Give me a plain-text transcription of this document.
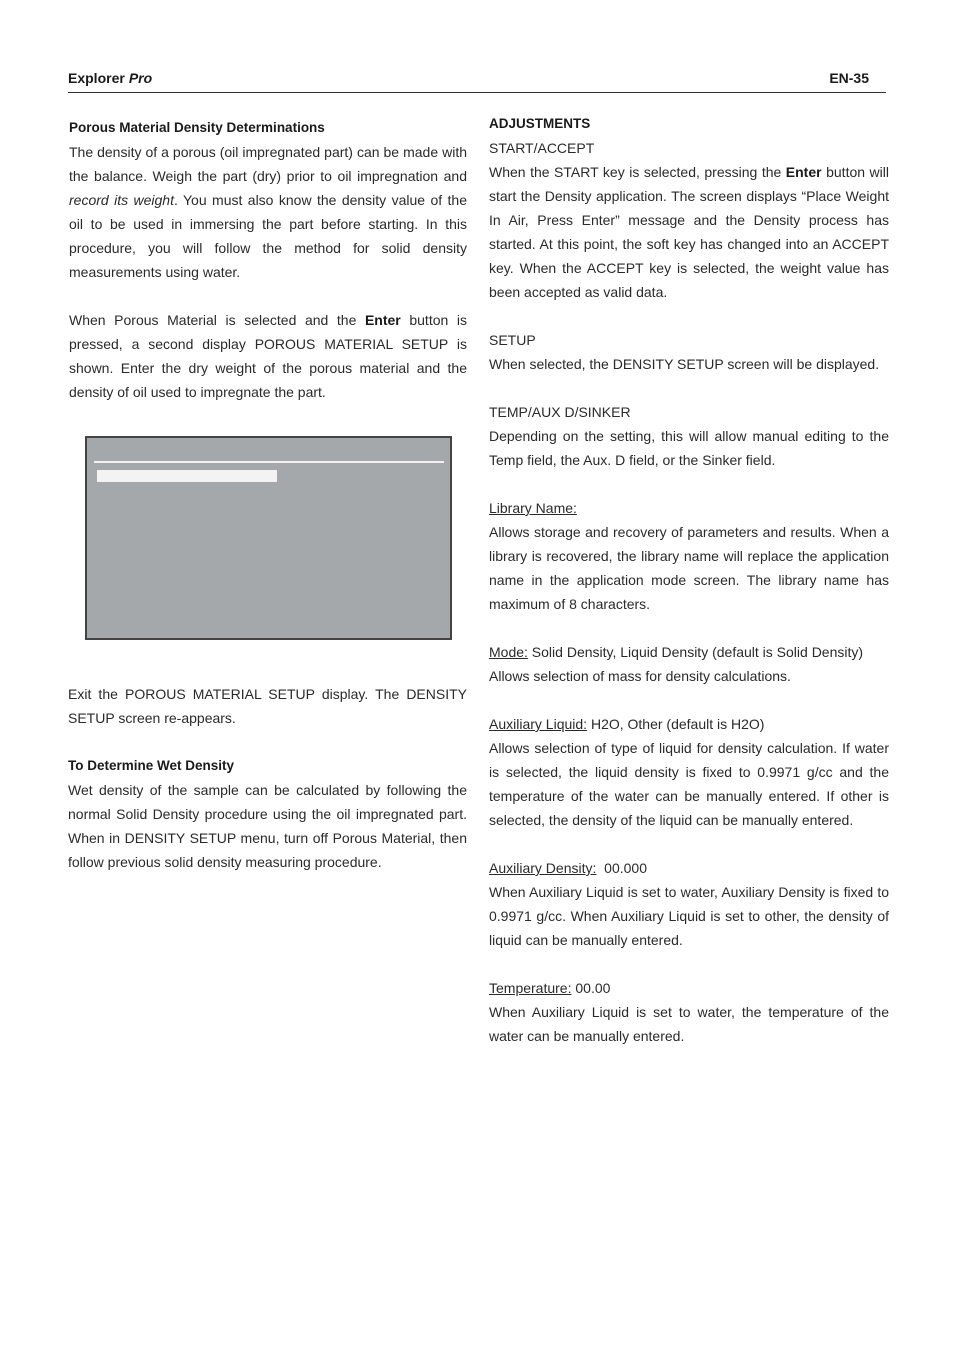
Explorer Pro	EN-35
Porous Material Density Determinations

The density of a porous (oil impregnated part) can be made with the balance. Weigh the part (dry) prior to oil impregnation and record its weight. You must also know the density value of the oil to be used in immersing the part before starting. In this procedure, you will follow the method for solid density measurements using water.

When Porous Material is selected and the Enter button is pressed, a second display POROUS MATERIAL SETUP is shown. Enter the dry weight of the porous material and the density of oil used to impregnate the part.

Exit the POROUS MATERIAL SETUP display. The DENSITY SETUP screen re-appears.

To Determine Wet Density

Wet density of the sample can be calculated by following the normal Solid Density procedure using the oil impregnated part. When in DENSITY SETUP menu, turn off Porous Material, then follow previous solid density measuring procedure.

ADJUSTMENTS
START/ACCEPT

When the START key is selected, pressing the Enter button will start the Density application. The screen displays “Place Weight In Air, Press Enter” message and the Density process has started. At this point, the soft key has changed into an ACCEPT key. When the ACCEPT key is selected, the weight value has been accepted as valid data.

SETUP

When selected, the DENSITY SETUP screen will be displayed.

TEMP/AUX D/SINKER

Depending on the setting, this will allow manual editing to the Temp field, the Aux. D field, or the Sinker field.

Library Name:

Allows storage and recovery of parameters and results. When a library is recovered, the library name will replace the application name in the application mode screen. The library name has maximum of 8 characters.

Mode: Solid Density, Liquid Density (default is Solid Density)

Allows selection of mass for density calculations.

Auxiliary Liquid: H2O, Other (default is H2O)

Allows selection of type of liquid for density calculation. If water is selected, the liquid density is fixed to 0.9971 g/cc and the temperature of the water can be manually entered. If other is selected, the density of the liquid can be manually entered.

Auxiliary Density:  00.000

When Auxiliary Liquid is set to water, Auxiliary Density is fixed to 0.9971 g/cc. When Auxiliary Liquid is set to other, the density of liquid can be manually entered.

Temperature: 00.00

When Auxiliary Liquid is set to water, the temperature of the water can be manually entered.
